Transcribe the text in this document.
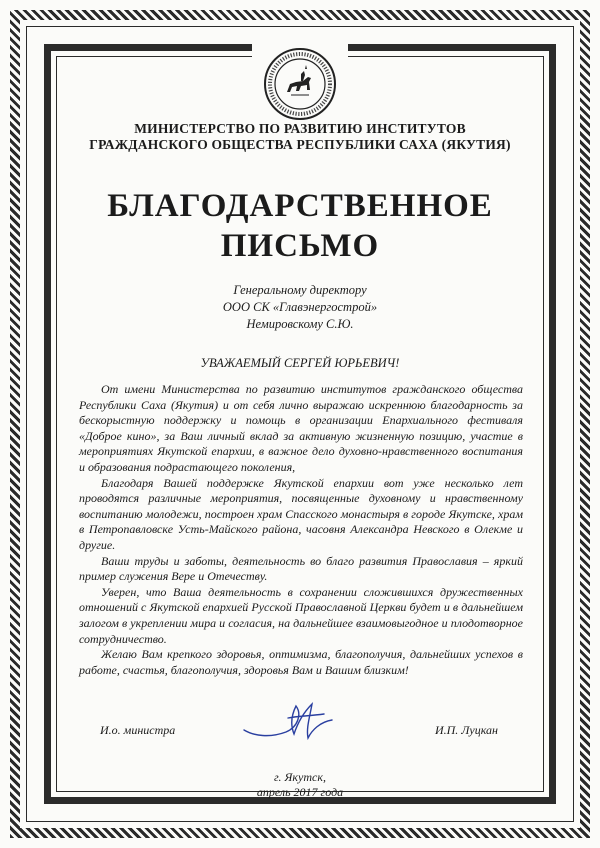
МИНИСТЕРСТВО ПО РАЗВИТИЮ ИНСТИТУТОВ
ГРАЖДАНСКОГО ОБЩЕСТВА РЕСПУБЛИКИ САХА (ЯКУТИЯ)
БЛАГОДАРСТВЕННОЕ
ПИСЬМО
Генеральному директору
ООО СК «Главэнергострой»
Немировскому С.Ю.
УВАЖАЕМЫЙ СЕРГЕЙ ЮРЬЕВИЧ!

От имени Министерства по развитию институтов гражданского общества Республики Саха (Якутия) и от себя лично выражаю искреннюю благодарность за бескорыстную поддержку и помощь в организации Епархиального фестиваля «Доброе кино», за Ваш личный вклад за активную жизненную позицию, участие в мероприятиях Якутской епархии, в важное дело духовно-нравственного воспитания и образования подрастающего поколения,

Благодаря Вашей поддержке Якутской епархии вот уже несколько лет проводятся различные мероприятия, посвященные духовному и нравственному воспитанию молодежи, построен храм Спасского монастыря в городе Якутске, храм в Петропавловске Усть-Майского района, часовня Александра Невского в Олекме и другие.

Ваши труды и заботы, деятельность во благо развития Православия – яркий пример служения Вере и Отечеству.

Уверен, что Ваша деятельность в сохранении сложившихся дружественных отношений с Якутской епархией Русской Православной Церкви будет и в дальнейшем залогом в укреплении мира и согласия, на дальнейшее взаимовыгодное и плодотворное сотрудничество.

Желаю Вам крепкого здоровья, оптимизма, благополучия, дальнейших успехов в работе, счастья, благополучия, здоровья Вам и Вашим близким!

И.о. министра	И.П. Луцкан
г. Якутск,
апрель 2017 года
